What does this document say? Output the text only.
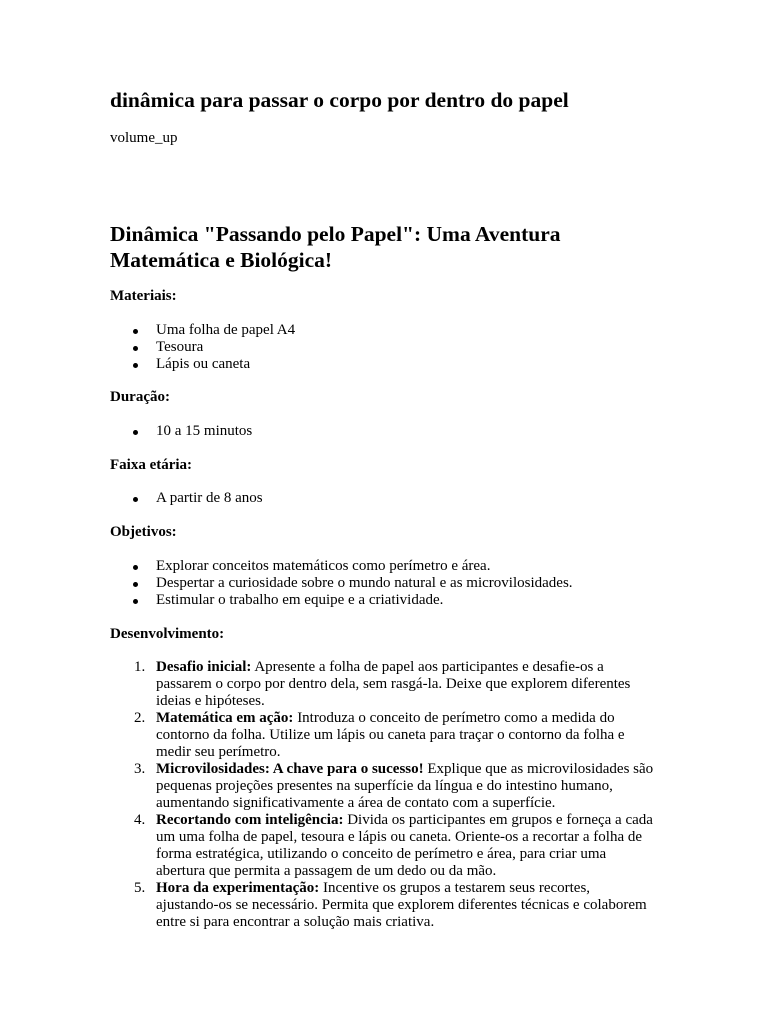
dinâmica para passar o corpo por dentro do papel
volume_up
Dinâmica "Passando pelo Papel": Uma Aventura Matemática e Biológica!

Materiais:

Uma folha de papel A4
Tesoura
Lápis ou caneta

Duração:

10 a 15 minutos

Faixa etária:

A partir de 8 anos

Objetivos:

Explorar conceitos matemáticos como perímetro e área.
Despertar a curiosidade sobre o mundo natural e as microvilosidades.
Estimular o trabalho em equipe e a criatividade.

Desenvolvimento:

1. Desafio inicial: Apresente a folha de papel aos participantes e desafie-os a passarem o corpo por dentro dela, sem rasgá-la. Deixe que explorem diferentes ideias e hipóteses.
2. Matemática em ação: Introduza o conceito de perímetro como a medida do contorno da folha. Utilize um lápis ou caneta para traçar o contorno da folha e medir seu perímetro.
3. Microvilosidades: A chave para o sucesso! Explique que as microvilosidades são pequenas projeções presentes na superfície da língua e do intestino humano, aumentando significativamente a área de contato com a superfície.
4. Recortando com inteligência: Divida os participantes em grupos e forneça a cada um uma folha de papel, tesoura e lápis ou caneta. Oriente-os a recortar a folha de forma estratégica, utilizando o conceito de perímetro e área, para criar uma abertura que permita a passagem de um dedo ou da mão.
5. Hora da experimentação: Incentive os grupos a testarem seus recortes, ajustando-os se necessário. Permita que explorem diferentes técnicas e colaborem entre si para encontrar a solução mais criativa.
